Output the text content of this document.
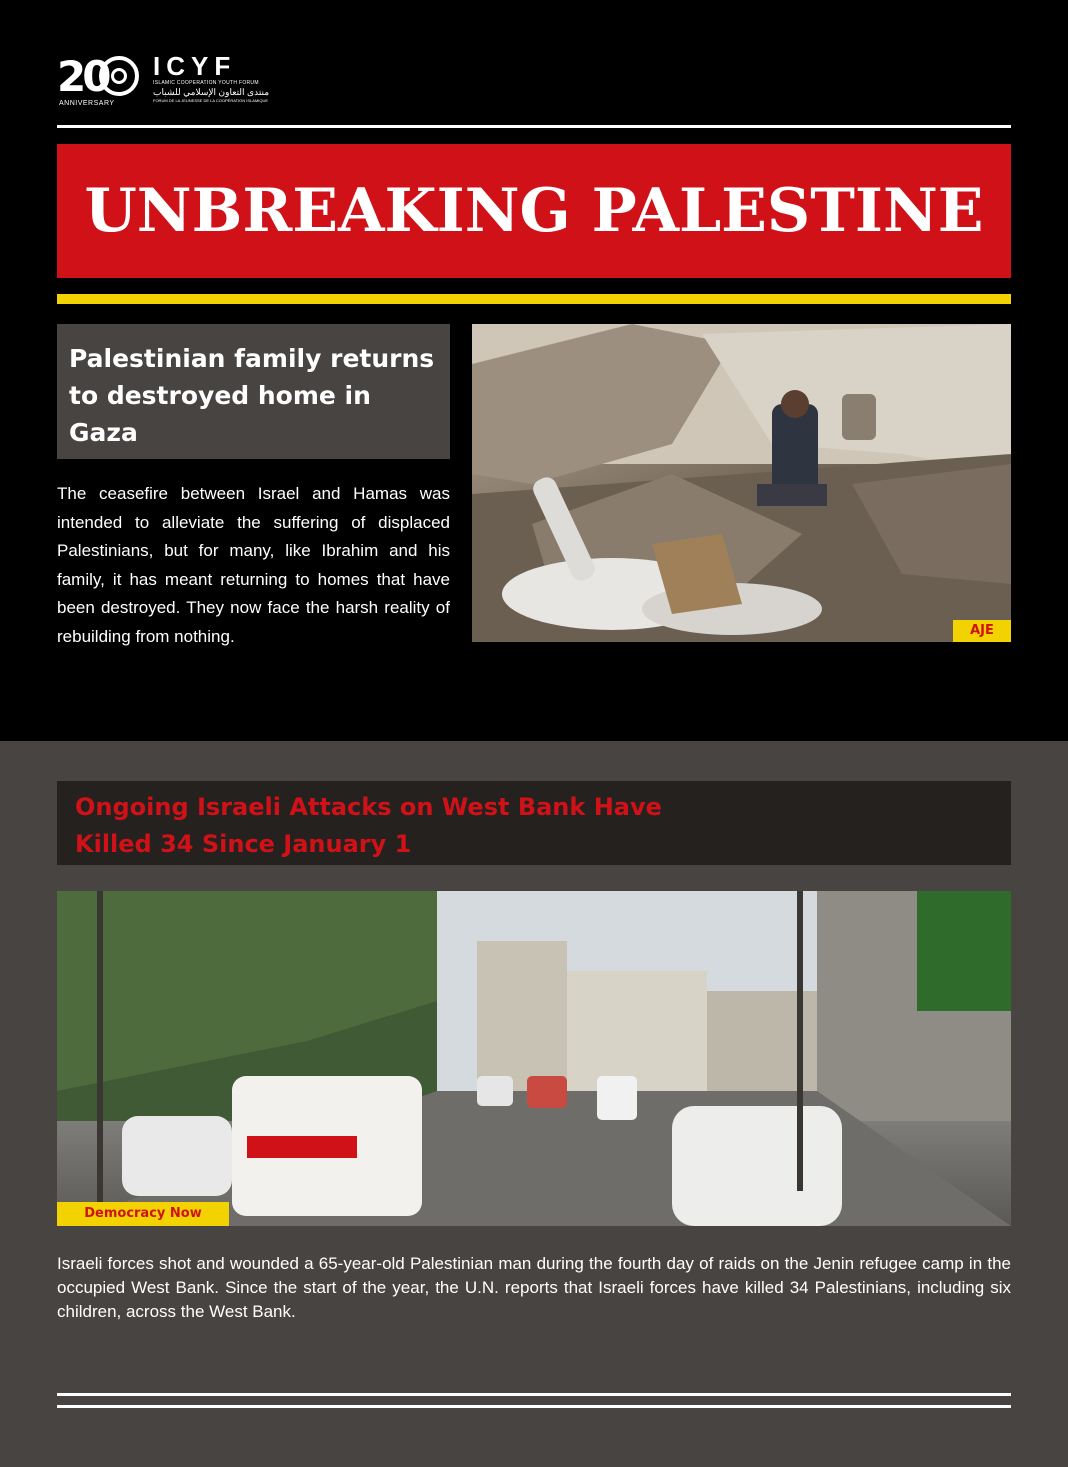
20
ANNIVERSARY
ICYF
ISLAMIC COOPERATION YOUTH FORUM
منتدى التعاون الإسلامي للشباب
FORUM DE LA JEUNESSE DE LA COOPÉRATION ISLAMIQUE
UNBREAKING PALESTINE
Palestinian family returns to destroyed home in Gaza

The ceasefire between Israel and Hamas was intended to alleviate the suffering of displaced Palestinians, but for many, like Ibrahim and his family, it has meant returning to homes that have been destroyed. They now face the harsh reality of rebuilding from nothing.	AJE
Ongoing Israeli Attacks on West Bank Have Killed 34 Since January 1
Democracy Now

Israeli forces shot and wounded a 65-year-old Palestinian man during the fourth day of raids on the Jenin refugee camp in the occupied West Bank. Since the start of the year, the U.N. reports that Israeli forces have killed 34 Palestinians, including six children, across the West Bank.
